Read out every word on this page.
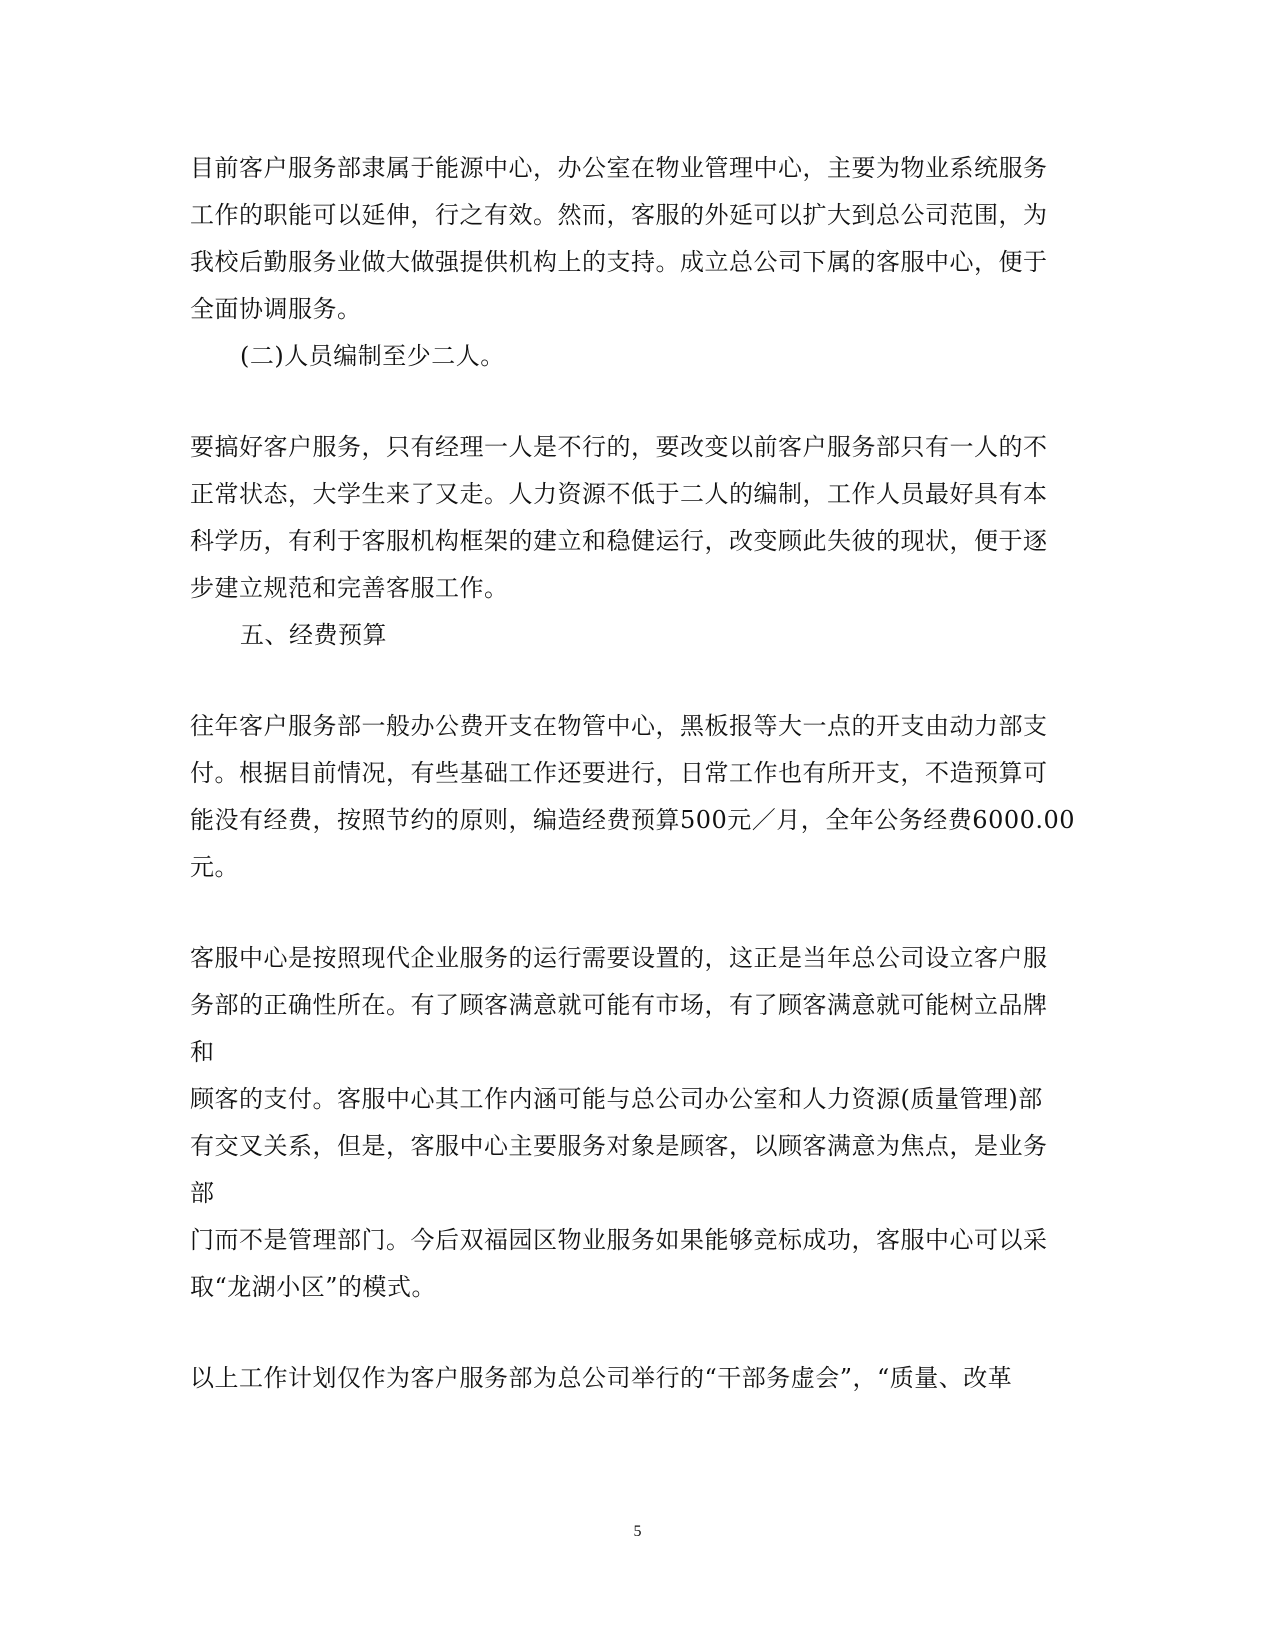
目前客户服务部隶属于能源中心，办公室在物业管理中心，主要为物业系统服务
工作的职能可以延伸，行之有效。然而，客服的外延可以扩大到总公司范围，为
我校后勤服务业做大做强提供机构上的支持。成立总公司下属的客服中心，便于
全面协调服务。
(二)人员编制至少二人。
要搞好客户服务，只有经理一人是不行的，要改变以前客户服务部只有一人的不
正常状态，大学生来了又走。人力资源不低于二人的编制，工作人员最好具有本
科学历，有利于客服机构框架的建立和稳健运行，改变顾此失彼的现状，便于逐
步建立规范和完善客服工作。
五、经费预算
往年客户服务部一般办公费开支在物管中心，黑板报等大一点的开支由动力部支
付。根据目前情况，有些基础工作还要进行，日常工作也有所开支，不造预算可
能没有经费，按照节约的原则，编造经费预算500元／月，全年公务经费6000.00
元。
客服中心是按照现代企业服务的运行需要设置的，这正是当年总公司设立客户服
务部的正确性所在。有了顾客满意就可能有市场，有了顾客满意就可能树立品牌
和
顾客的支付。客服中心其工作内涵可能与总公司办公室和人力资源(质量管理)部
有交叉关系，但是，客服中心主要服务对象是顾客，以顾客满意为焦点，是业务
部
门而不是管理部门。今后双福园区物业服务如果能够竞标成功，客服中心可以采
取“龙湖小区”的模式。
以上工作计划仅作为客户服务部为总公司举行的“干部务虚会”，“质量、改革
5
